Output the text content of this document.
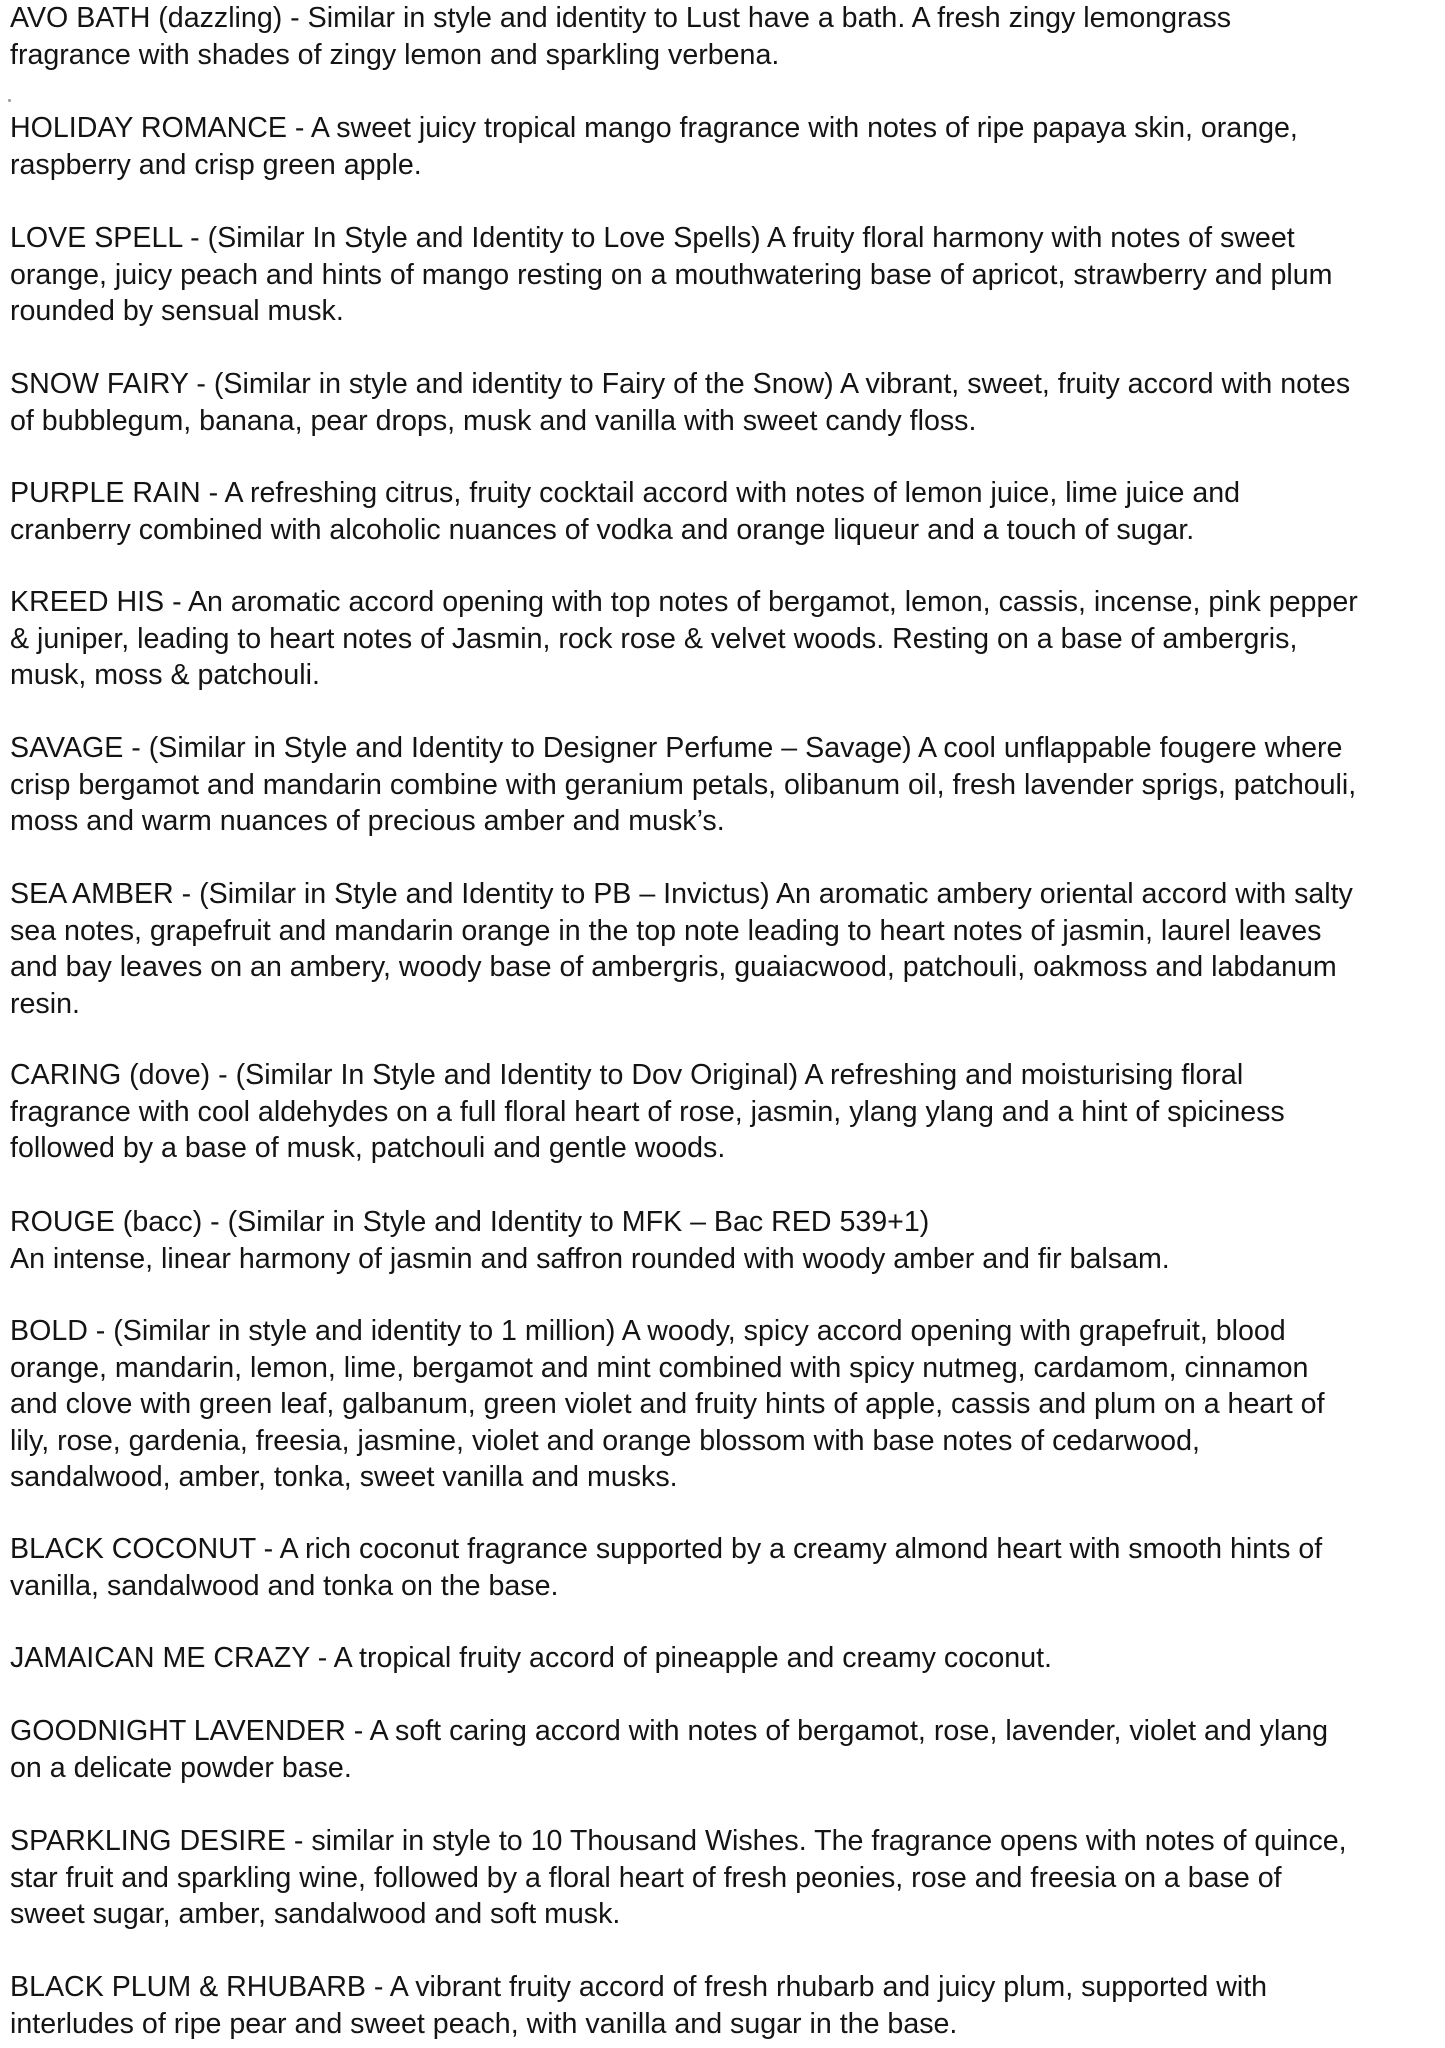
AVO BATH (dazzling) - Similar in style and identity to Lust have a bath. A fresh zingy lemongrass
fragrance with shades of zingy lemon and sparkling verbena.

HOLIDAY ROMANCE - A sweet juicy tropical mango fragrance with notes of ripe papaya skin, orange,
raspberry and crisp green apple.

LOVE SPELL - (Similar In Style and Identity to Love Spells) A fruity floral harmony with notes of sweet
orange, juicy peach and hints of mango resting on a mouthwatering base of apricot, strawberry and plum
rounded by sensual musk.

SNOW FAIRY - (Similar in style and identity to Fairy of the Snow) A vibrant, sweet, fruity accord with notes
of bubblegum, banana, pear drops, musk and vanilla with sweet candy floss.

PURPLE RAIN - A refreshing citrus, fruity cocktail accord with notes of lemon juice, lime juice and
cranberry combined with alcoholic nuances of vodka and orange liqueur and a touch of sugar.

KREED HIS - An aromatic accord opening with top notes of bergamot, lemon, cassis, incense, pink pepper
& juniper, leading to heart notes of Jasmin, rock rose & velvet woods. Resting on a base of ambergris,
musk, moss & patchouli.

SAVAGE - (Similar in Style and Identity to Designer Perfume – Savage) A cool unflappable fougere where
crisp bergamot and mandarin combine with geranium petals, olibanum oil, fresh lavender sprigs, patchouli,
moss and warm nuances of precious amber and musk’s.

SEA AMBER - (Similar in Style and Identity to PB – Invictus) An aromatic ambery oriental accord with salty
sea notes, grapefruit and mandarin orange in the top note leading to heart notes of jasmin, laurel leaves
and bay leaves on an ambery, woody base of ambergris, guaiacwood, patchouli, oakmoss and labdanum
resin.

CARING (dove) - (Similar In Style and Identity to Dov Original) A refreshing and moisturising floral
fragrance with cool aldehydes on a full floral heart of rose, jasmin, ylang ylang and a hint of spiciness
followed by a base of musk, patchouli and gentle woods.

ROUGE (bacc) - (Similar in Style and Identity to MFK – Bac RED 539+1)
An intense, linear harmony of jasmin and saffron rounded with woody amber and fir balsam.

BOLD - (Similar in style and identity to 1 million) A woody, spicy accord opening with grapefruit, blood
orange, mandarin, lemon, lime, bergamot and mint combined with spicy nutmeg, cardamom, cinnamon
and clove with green leaf, galbanum, green violet and fruity hints of apple, cassis and plum on a heart of
lily, rose, gardenia, freesia, jasmine, violet and orange blossom with base notes of cedarwood,
sandalwood, amber, tonka, sweet vanilla and musks.

BLACK COCONUT - A rich coconut fragrance supported by a creamy almond heart with smooth hints of
vanilla, sandalwood and tonka on the base.

JAMAICAN ME CRAZY - A tropical fruity accord of pineapple and creamy coconut.

GOODNIGHT LAVENDER - A soft caring accord with notes of bergamot, rose, lavender, violet and ylang
on a delicate powder base.

SPARKLING DESIRE - similar in style to 10 Thousand Wishes. The fragrance opens with notes of quince,
star fruit and sparkling wine, followed by a floral heart of fresh peonies, rose and freesia on a base of
sweet sugar, amber, sandalwood and soft musk.

BLACK PLUM & RHUBARB - A vibrant fruity accord of fresh rhubarb and juicy plum, supported with
interludes of ripe pear and sweet peach, with vanilla and sugar in the base.
